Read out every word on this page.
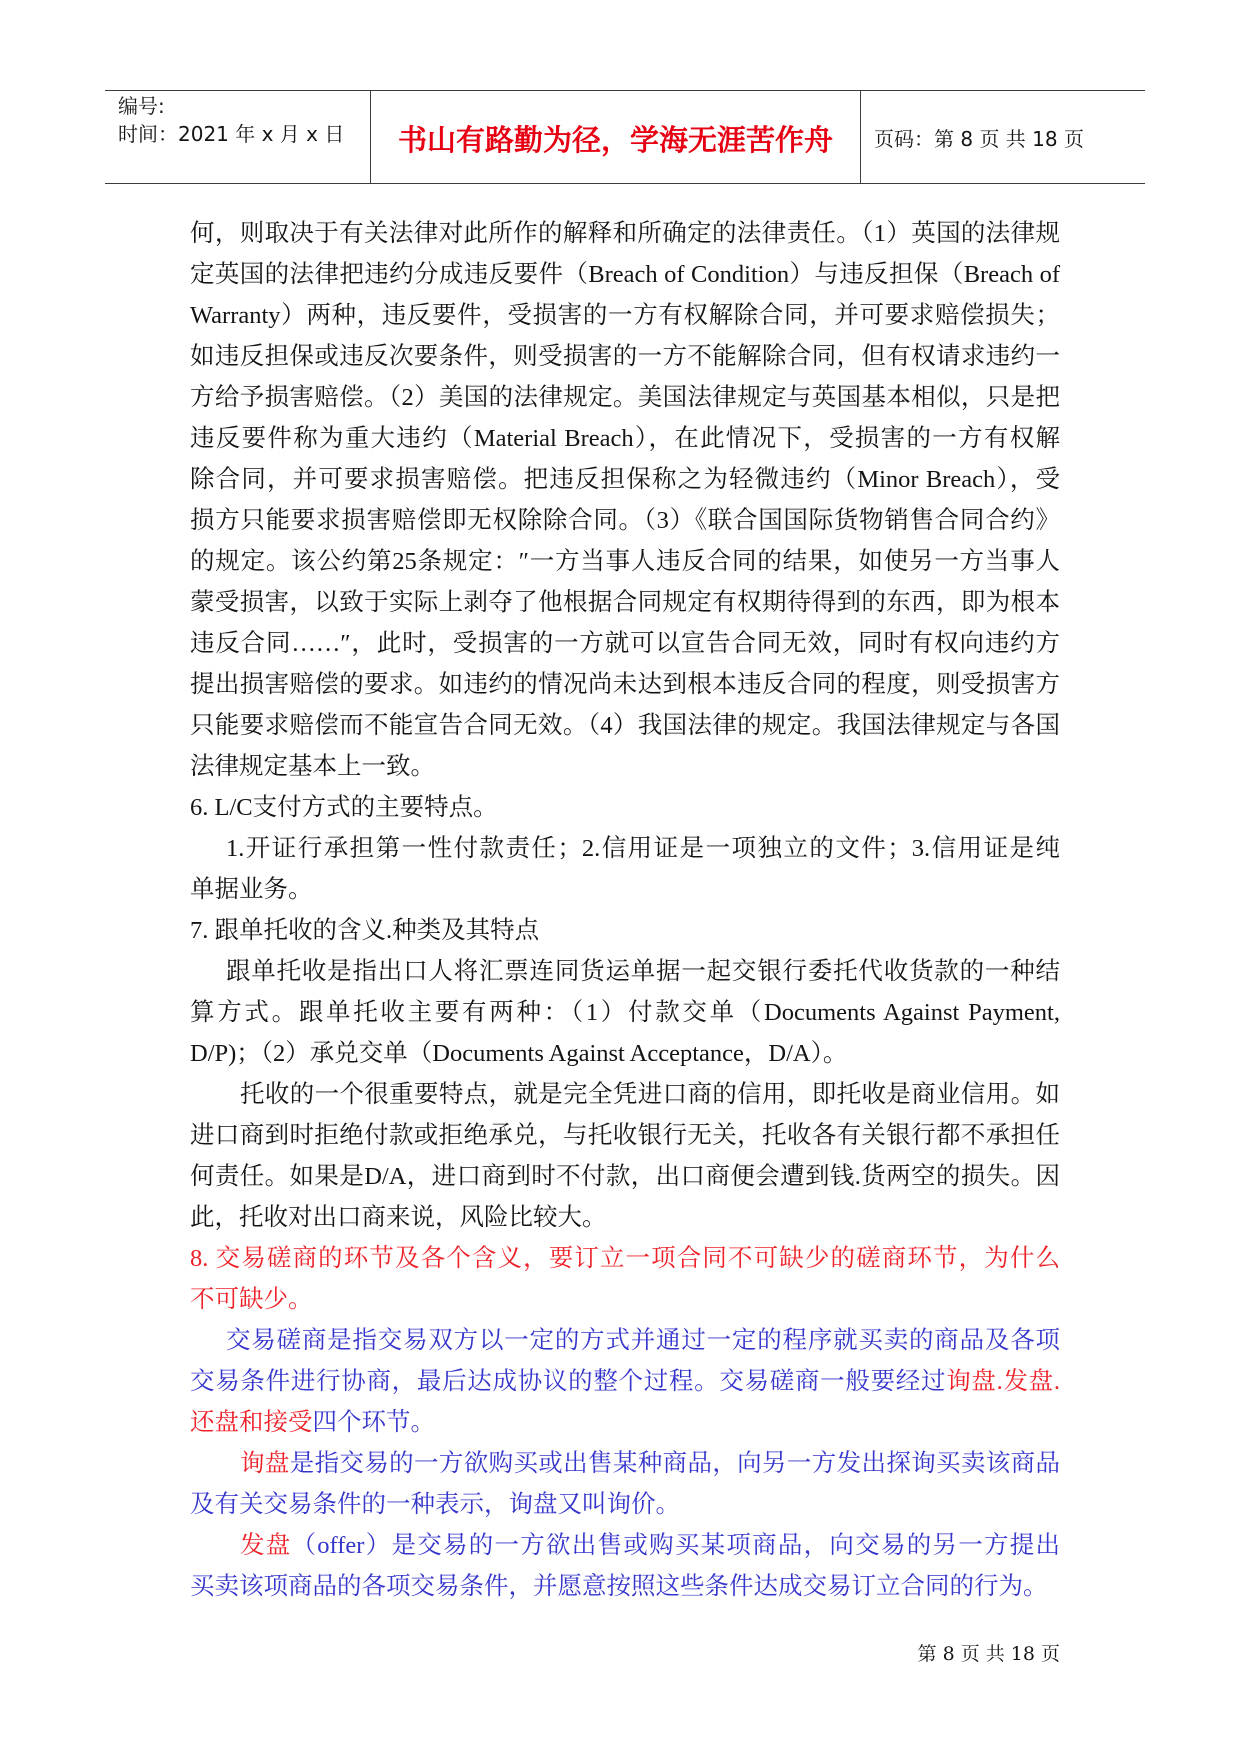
编号:
时间：2021 年 x 月 x 日 书山有路勤为径，学海无涯苦作舟 页码：第 8 页 共 18 页
何，则取决于有关法律对此所作的解释和所确定的法律责任。（1）英国的法律规
定英国的法律把违约分成违反要件（Breach of Condition）与违反担保（Breach of
Warranty）两种，违反要件，受损害的一方有权解除合同，并可要求赔偿损失；
如违反担保或违反次要条件，则受损害的一方不能解除合同，但有权请求违约一
方给予损害赔偿。（2）美国的法律规定。美国法律规定与英国基本相似，只是把
违反要件称为重大违约（Material Breach），在此情况下，受损害的一方有权解
除合同，并可要求损害赔偿。把违反担保称之为轻微违约（Minor Breach），受
损方只能要求损害赔偿即无权除除合同。（3）《联合国国际货物销售合同合约》
的规定。该公约第25条规定：″一方当事人违反合同的结果，如使另一方当事人
蒙受损害，以致于实际上剥夺了他根据合同规定有权期待得到的东西，即为根本
违反合同……″，此时，受损害的一方就可以宣告合同无效，同时有权向违约方
提出损害赔偿的要求。如违约的情况尚未达到根本违反合同的程度，则受损害方
只能要求赔偿而不能宣告合同无效。（4）我国法律的规定。我国法律规定与各国
法律规定基本上一致。
6. L/C支付方式的主要特点。
1.开证行承担第一性付款责任；2.信用证是一项独立的文件；3.信用证是纯
单据业务。
7. 跟单托收的含义.种类及其特点
跟单托收是指出口人将汇票连同货运单据一起交银行委托代收货款的一种结
算方式。跟单托收主要有两种：（1）付款交单（Documents Against Payment,
D/P)；（2）承兑交单（Documents Against Acceptance，D/A）。
托收的一个很重要特点，就是完全凭进口商的信用，即托收是商业信用。如
进口商到时拒绝付款或拒绝承兑，与托收银行无关，托收各有关银行都不承担任
何责任。如果是D/A，进口商到时不付款，出口商便会遭到钱.货两空的损失。因
此，托收对出口商来说，风险比较大。
8. 交易磋商的环节及各个含义，要订立一项合同不可缺少的磋商环节，为什么
不可缺少。
交易磋商是指交易双方以一定的方式并通过一定的程序就买卖的商品及各项
交易条件进行协商，最后达成协议的整个过程。交易磋商一般要经过询盘.发盘.
还盘和接受四个环节。
询盘是指交易的一方欲购买或出售某种商品，向另一方发出探询买卖该商品
及有关交易条件的一种表示，询盘又叫询价。
发盘（offer）是交易的一方欲出售或购买某项商品，向交易的另一方提出
买卖该项商品的各项交易条件，并愿意按照这些条件达成交易订立合同的行为。
第 8 页 共 18 页
